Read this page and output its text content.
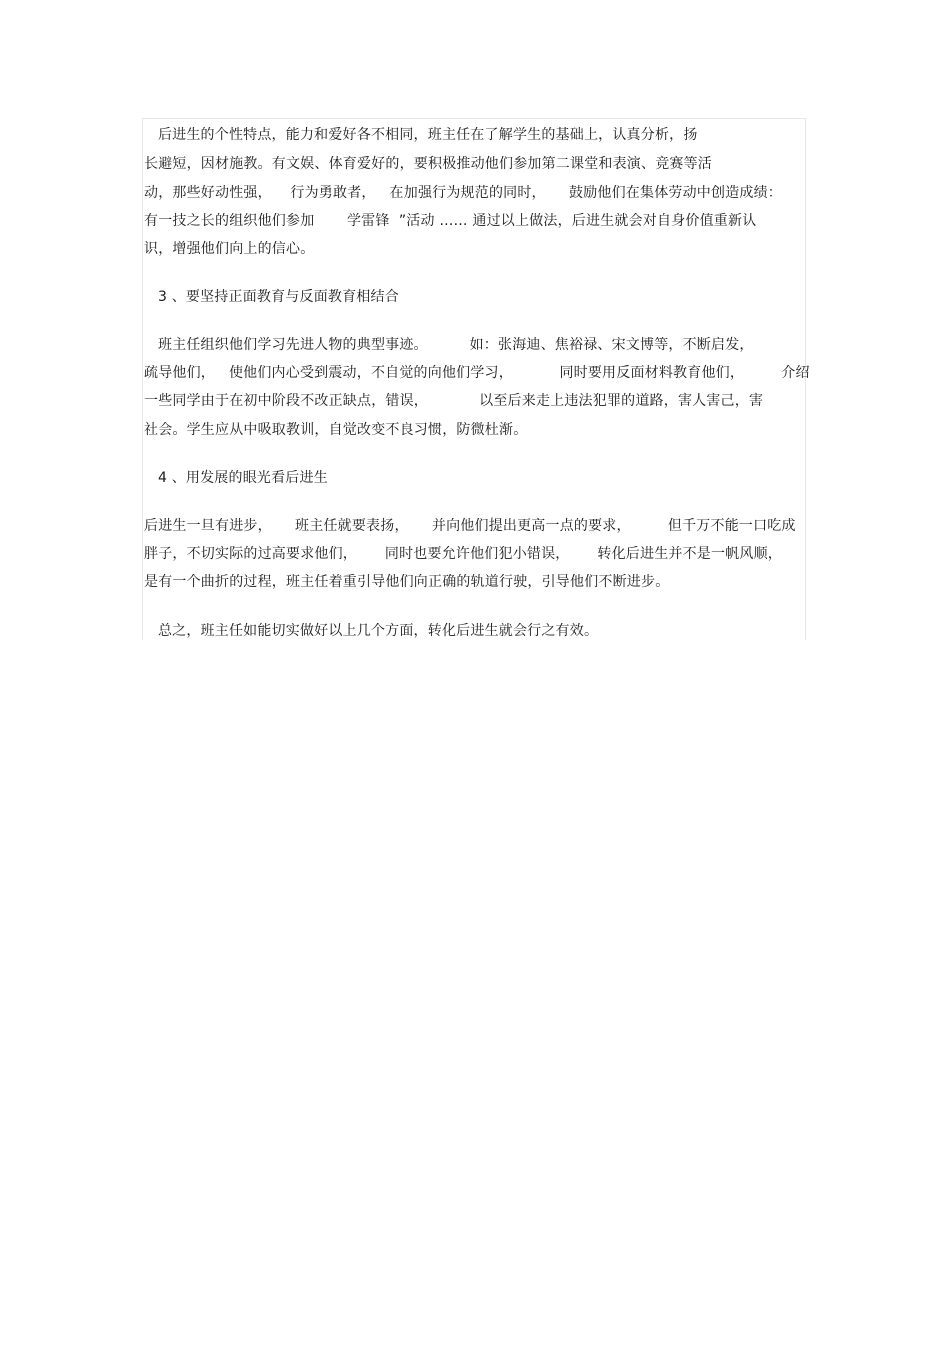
后进生的个性特点，能力和爱好各不相同，班主任在了解学生的基础上，认真分析，扬
长避短，因材施教。有文娱、体育爱好的，要积极推动他们参加第二课堂和表演、竞赛等活
动，那些好动性强，    行为勇敢者，   在加强行为规范的同时，     鼓励他们在集体劳动中创造成绩：
有一技之长的组织他们参加       学雷锋  ”活动 …… 通过以上做法，后进生就会对自身价值重新认
识，增强他们向上的信心。
3 、要坚持正面教育与反面教育相结合
班主任组织他们学习先进人物的典型事迹。         如：张海迪、焦裕禄、宋文博等，不断启发，
疏导他们，   使他们内心受到震动，不自觉的向他们学习，          同时要用反面材料教育他们，        介绍
一些同学由于在初中阶段不改正缺点，错误，           以至后来走上违法犯罪的道路，害人害己，害
社会。学生应从中吸取教训，自觉改变不良习惯，防微杜渐。
4 、用发展的眼光看后进生
后进生一旦有进步，     班主任就要表扬，     并向他们提出更高一点的要求，        但千万不能一口吃成
胖子，不切实际的过高要求他们，      同时也要允许他们犯小错误，      转化后进生并不是一帆风顺，
是有一个曲折的过程，班主任着重引导他们向正确的轨道行驶，引导他们不断进步。
总之，班主任如能切实做好以上几个方面，转化后进生就会行之有效。
